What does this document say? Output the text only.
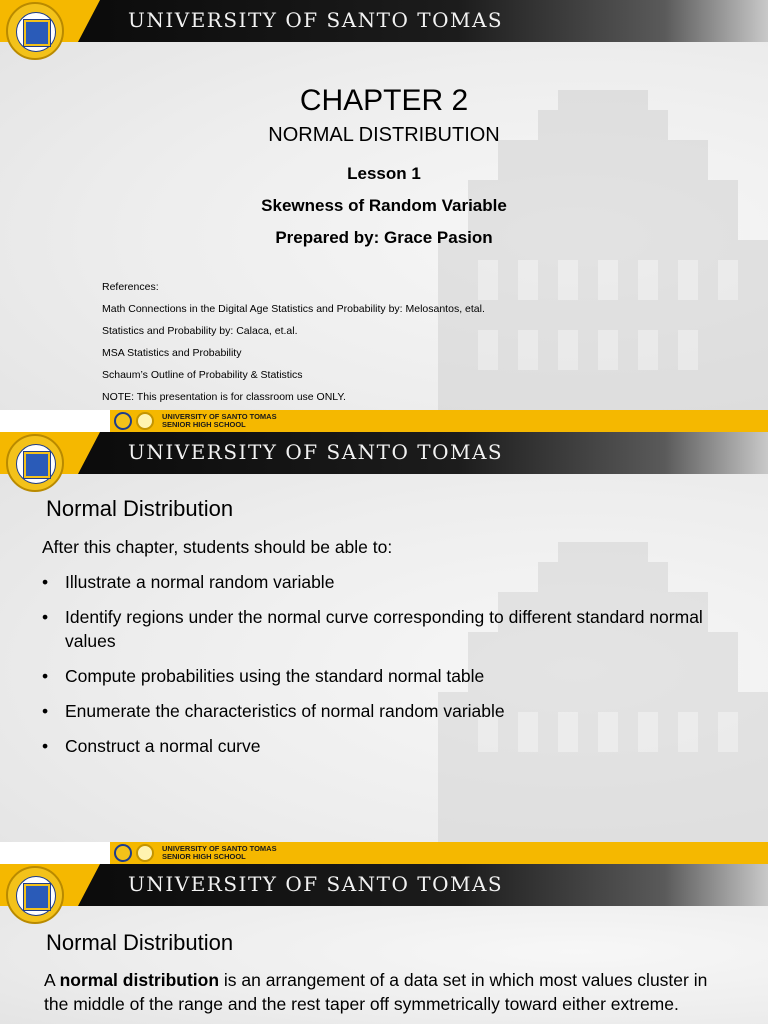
UNIVERSITY OF SANTO TOMAS
CHAPTER 2
NORMAL DISTRIBUTION
Lesson 1
Skewness of Random Variable
Prepared by: Grace Pasion
References:
Math Connections in the Digital Age Statistics and Probability by: Melosantos, etal.
Statistics and Probability by: Calaca, et.al.
MSA Statistics and Probability
Schaum’s Outline of Probability & Statistics
NOTE: This presentation is for classroom use ONLY.
UNIVERSITY OF SANTO TOMAS
SENIOR HIGH SCHOOL
UNIVERSITY OF SANTO TOMAS
Normal Distribution
After this chapter, students should be able to:
• Illustrate a normal random variable
• Identify regions under the normal curve corresponding to different standard normal values
• Compute probabilities using the standard normal table
• Enumerate the characteristics of normal random variable
• Construct a normal curve
UNIVERSITY OF SANTO TOMAS
SENIOR HIGH SCHOOL
UNIVERSITY OF SANTO TOMAS
Normal Distribution
A normal distribution is an arrangement of a data set in which most values cluster in the middle of the range and the rest taper off symmetrically toward either extreme.
